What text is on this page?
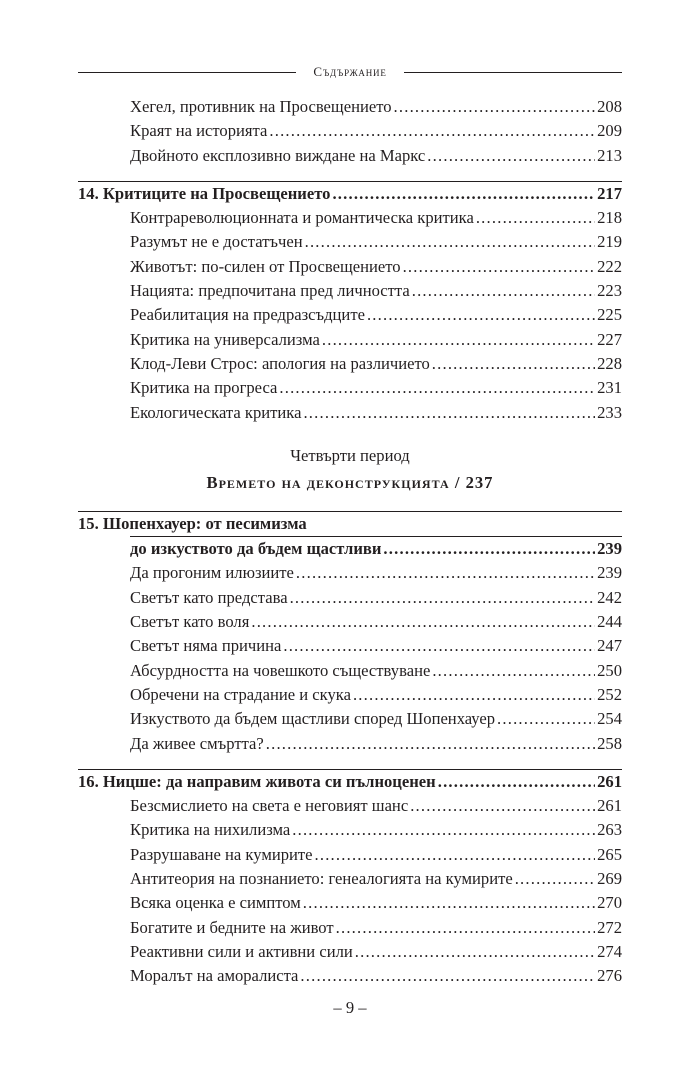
Съдържание
Хегел, противник на Просвещението .....	208
Краят на историята .....	209
Двойното експлозивно виждане на Маркс .....	213
14. Критиците на Просвещението .....	217
Контрареволюционната и романтическа критика .....	218
Разумът не е достатъчен .....	219
Животът: по-силен от Просвещението .....	222
Нацията: предпочитана пред личността .....	223
Реабилитация на предразсъдците .....	225
Критика на универсализма .....	227
Клод-Леви Строс: апология на различието .....	228
Критика на прогреса .....	231
Екологическата критика .....	233
Четвърти период
Времето на деконструкцията / 237
15. Шопенхауер: от песимизма
до изкуството да бъдем щастливи .....	239
Да прогоним илюзиите .....	239
Светът като представа .....	242
Светът като воля .....	244
Светът няма причина .....	247
Абсурдността на човешкото съществуване .....	250
Обречени на страдание и скука .....	252
Изкуството да бъдем щастливи според Шопенхауер .....	254
Да живее смъртта? .....	258
16. Ницше: да направим живота си пълноценен .....	261
Безсмислието на света е неговият шанс .....	261
Критика на нихилизма .....	263
Разрушаване на кумирите .....	265
Антитеория на познанието: генеалогията на кумирите .....	269
Всяка оценка е симптом .....	270
Богатите и бедните на живот .....	272
Реактивни сили и активни сили .....	274
Моралът на аморалиста .....	276
– 9 –
